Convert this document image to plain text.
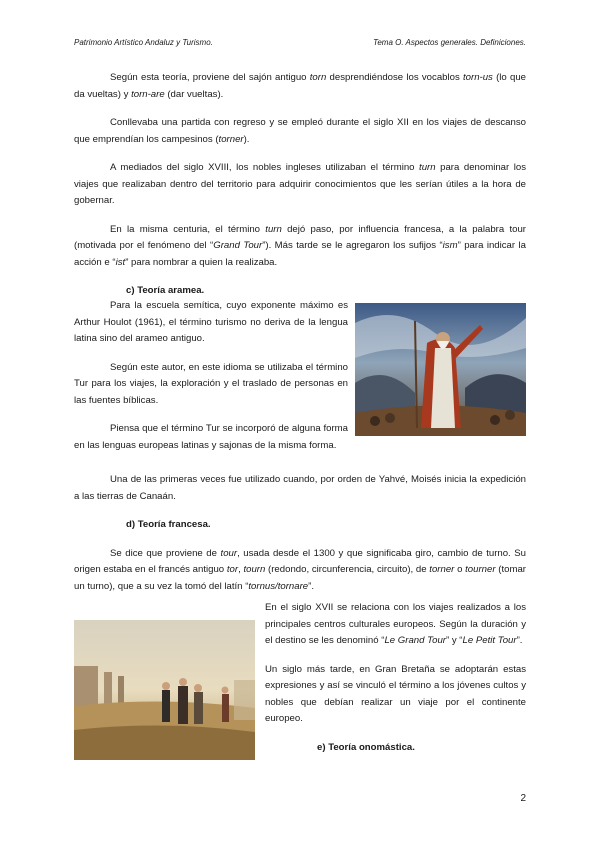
Patrimonio Artístico Andaluz y Turismo.	Tema O. Aspectos generales. Definiciones.

Según esta teoría, proviene del sajón antiguo torn desprendiéndose los vocablos torn-us (lo que da vueltas) y torn-are (dar vueltas).

Conllevaba una partida con regreso y se empleó durante el siglo XII en los viajes de descanso que emprendían los campesinos (torner).

A mediados del siglo XVIII, los nobles ingleses utilizaban el término turn para denominar los viajes que realizaban dentro del territorio para adquirir conocimientos que les serían útiles a la hora de gobernar.

En la misma centuria, el término turn dejó paso, por influencia francesa, a la palabra tour (motivada por el fenómeno del “Grand Tour”). Más tarde se le agregaron los sufijos “ism” para indicar la acción e “ist” para nombrar a quien la realizaba.

c) Teoría aramea.

Para la escuela semítica, cuyo exponente máximo es Arthur Houlot (1961), el término turismo no deriva de la lengua latina sino del arameo antiguo.

Según este autor, en este idioma se utilizaba el término Tur para los viajes, la exploración y el traslado de personas en las fuentes bíblicas.

Piensa que el término Tur se incorporó de alguna forma en las lenguas europeas latinas y sajonas de la misma forma.

Una de las primeras veces fue utilizado cuando, por orden de Yahvé, Moisés inicia la expedición a las tierras de Canaán.

d) Teoría francesa.

Se dice que proviene de tour, usada desde el 1300 y que significaba giro, cambio de turno. Su origen estaba en el francés antiguo tor, tourn (redondo, circunferencia, circuito), de torner o tourner (tomar un turno), que a su vez la tomó del latín “tornus/tornare”.

En el siglo XVII se relaciona con los viajes realizados a los principales centros culturales europeos. Según la duración y el destino se les denominó “Le Grand Tour” y “Le Petit Tour”.

Un siglo más tarde, en Gran Bretaña se adoptarán estas expresiones y así se vinculó el término a los jóvenes cultos y nobles que debían realizar un viaje por el continente europeo.

e) Teoría onomástica.
2
